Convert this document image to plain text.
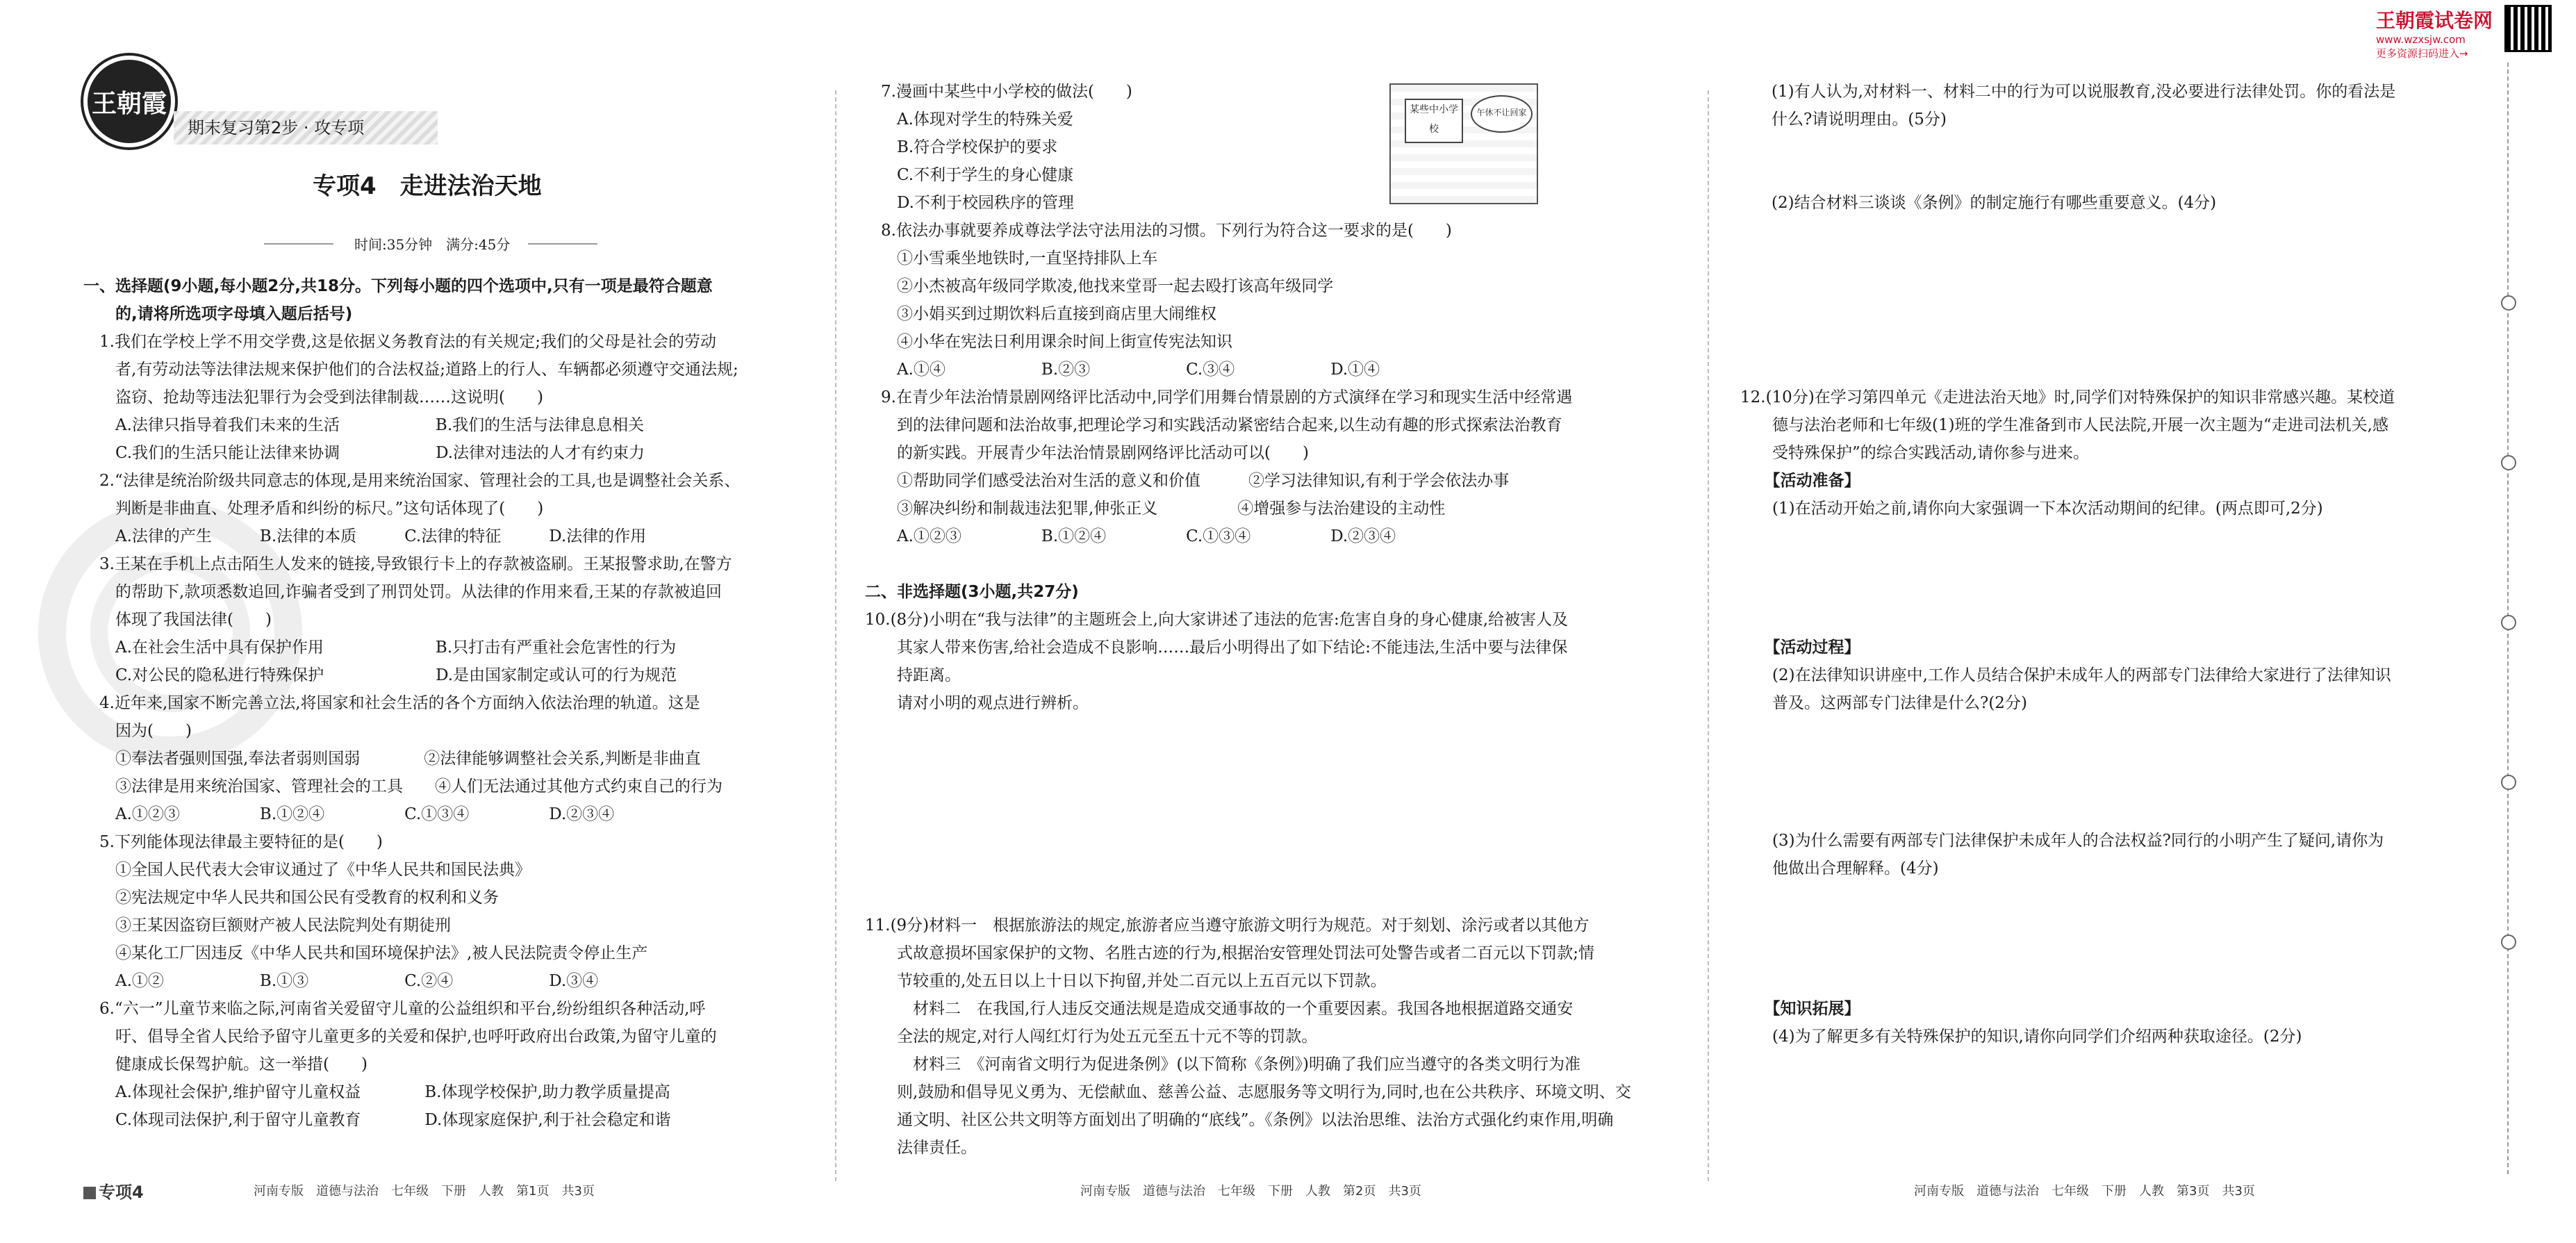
王朝霞
期末复习第2步 · 攻专项
专项4　走进法治天地
时间:35分钟　满分:45分
王朝霞试卷网
www.wzxsjw.com
更多资源扫码进入→
一、选择题(9小题,每小题2分,共18分。下列每小题的四个选项中,只有一项是最符合题意
　　的,请将所选项字母填入题后括号)
　1.我们在学校上学不用交学费,这是依据义务教育法的有关规定;我们的父母是社会的劳动
　　者,有劳动法等法律法规来保护他们的合法权益;道路上的行人、车辆都必须遵守交通法规;
　　盗窃、抢劫等违法犯罪行为会受到法律制裁……这说明(　　)
　　A.法律只指导着我们未来的生活　　　　　　B.我们的生活与法律息息相关
　　C.我们的生活只能让法律来协调　　　　　　D.法律对违法的人才有约束力
　2.“法律是统治阶级共同意志的体现,是用来统治国家、管理社会的工具,也是调整社会关系、
　　判断是非曲直、处理矛盾和纠纷的标尺。”这句话体现了(　　)
　　A.法律的产生　　　B.法律的本质　　　C.法律的特征　　　D.法律的作用
　3.王某在手机上点击陌生人发来的链接,导致银行卡上的存款被盗刷。王某报警求助,在警方
　　的帮助下,款项悉数追回,诈骗者受到了刑罚处罚。从法律的作用来看,王某的存款被追回
　　体现了我国法律(　　)
　　A.在社会生活中具有保护作用　　　　　　　B.只打击有严重社会危害性的行为
　　C.对公民的隐私进行特殊保护　　　　　　　D.是由国家制定或认可的行为规范
　4.近年来,国家不断完善立法,将国家和社会生活的各个方面纳入依法治理的轨道。这是
　　因为(　　)
　　①奉法者强则国强,奉法者弱则国弱　　　　②法律能够调整社会关系,判断是非曲直
　　③法律是用来统治国家、管理社会的工具　　④人们无法通过其他方式约束自己的行为
　　A.①②③　　　　　B.①②④　　　　　C.①③④　　　　　D.②③④
　5.下列能体现法律最主要特征的是(　　)
　　①全国人民代表大会审议通过了《中华人民共和国民法典》
　　②宪法规定中华人民共和国公民有受教育的权利和义务
　　③王某因盗窃巨额财产被人民法院判处有期徒刑
　　④某化工厂因违反《中华人民共和国环境保护法》,被人民法院责令停止生产
　　A.①②　　　　　　B.①③　　　　　　C.②④　　　　　　D.③④
　6.“六一”儿童节来临之际,河南省关爱留守儿童的公益组织和平台,纷纷组织各种活动,呼
　　吁、倡导全省人民给予留守儿童更多的关爱和保护,也呼吁政府出台政策,为留守儿童的
　　健康成长保驾护航。这一举措(　　)
　　A.体现社会保护,维护留守儿童权益　　　　B.体现学校保护,助力教学质量提高
　　C.体现司法保护,利于留守儿童教育　　　　D.体现家庭保护,利于社会稳定和谐
　7.漫画中某些中小学校的做法(　　)
　　A.体现对学生的特殊关爱
　　B.符合学校保护的要求
　　C.不利于学生的身心健康
　　D.不利于校园秩序的管理
　8.依法办事就要养成尊法学法守法用法的习惯。下列行为符合这一要求的是(　　)
　　①小雪乘坐地铁时,一直坚持排队上车
　　②小杰被高年级同学欺凌,他找来堂哥一起去殴打该高年级同学
　　③小娟买到过期饮料后直接到商店里大闹维权
　　④小华在宪法日利用课余时间上街宣传宪法知识
　　A.①④　　　　　　B.②③　　　　　　C.③④　　　　　　D.①④
　9.在青少年法治情景剧网络评比活动中,同学们用舞台情景剧的方式演绎在学习和现实生活中经常遇
　　到的法律问题和法治故事,把理论学习和实践活动紧密结合起来,以生动有趣的形式探索法治教育
　　的新实践。开展青少年法治情景剧网络评比活动可以(　　)
　　①帮助同学们感受法治对生活的意义和价值　　　②学习法律知识,有利于学会依法办事
　　③解决纠纷和制裁违法犯罪,伸张正义　　　　　④增强参与法治建设的主动性
　　A.①②③　　　　　B.①②④　　　　　C.①③④　　　　　D.②③④
二、非选择题(3小题,共27分)
10.(8分)小明在“我与法律”的主题班会上,向大家讲述了违法的危害:危害自身的身心健康,给被害人及
　　其家人带来伤害,给社会造成不良影响……最后小明得出了如下结论:不能违法,生活中要与法律保
　　持距离。
　　请对小明的观点进行辨析。
某些中小学校
午休不让回家
11.(9分)材料一　根据旅游法的规定,旅游者应当遵守旅游文明行为规范。对于刻划、涂污或者以其他方
　　式故意损坏国家保护的文物、名胜古迹的行为,根据治安管理处罚法可处警告或者二百元以下罚款;情
　　节较重的,处五日以上十日以下拘留,并处二百元以上五百元以下罚款。
　　　材料二　在我国,行人违反交通法规是造成交通事故的一个重要因素。我国各地根据道路交通安
　　全法的规定,对行人闯红灯行为处五元至五十元不等的罚款。
　　　材料三　《河南省文明行为促进条例》(以下简称《条例》)明确了我们应当遵守的各类文明行为准
　　则,鼓励和倡导见义勇为、无偿献血、慈善公益、志愿服务等文明行为,同时,也在公共秩序、环境文明、交
　　通文明、社区公共文明等方面划出了明确的“底线”。《条例》以法治思维、法治方式强化约束作用,明确
　　法律责任。
(1)有人认为,对材料一、材料二中的行为可以说服教育,没必要进行法律处罚。你的看法是
什么?请说明理由。(5分)
(2)结合材料三谈谈《条例》的制定施行有哪些重要意义。(4分)
12.(10分)在学习第四单元《走进法治天地》时,同学们对特殊保护的知识非常感兴趣。某校道
　　德与法治老师和七年级(1)班的学生准备到市人民法院,开展一次主题为“走进司法机关,感
　　受特殊保护”的综合实践活动,请你参与进来。
　　【活动准备】
　　(1)在活动开始之前,请你向大家强调一下本次活动期间的纪律。(两点即可,2分)
　　【活动过程】
　　(2)在法律知识讲座中,工作人员结合保护未成年人的两部专门法律给大家进行了法律知识
　　普及。这两部专门法律是什么?(2分)
　　(3)为什么需要有两部专门法律保护未成年人的合法权益?同行的小明产生了疑问,请你为
　　他做出合理解释。(4分)
　　【知识拓展】
　　(4)为了解更多有关特殊保护的知识,请你向同学们介绍两种获取途径。(2分)
专项4	河南专版　道德与法治　七年级　下册　人教　第1页　共3页	河南专版　道德与法治　七年级　下册　人教　第2页　共3页	河南专版　道德与法治　七年级　下册　人教　第3页　共3页
